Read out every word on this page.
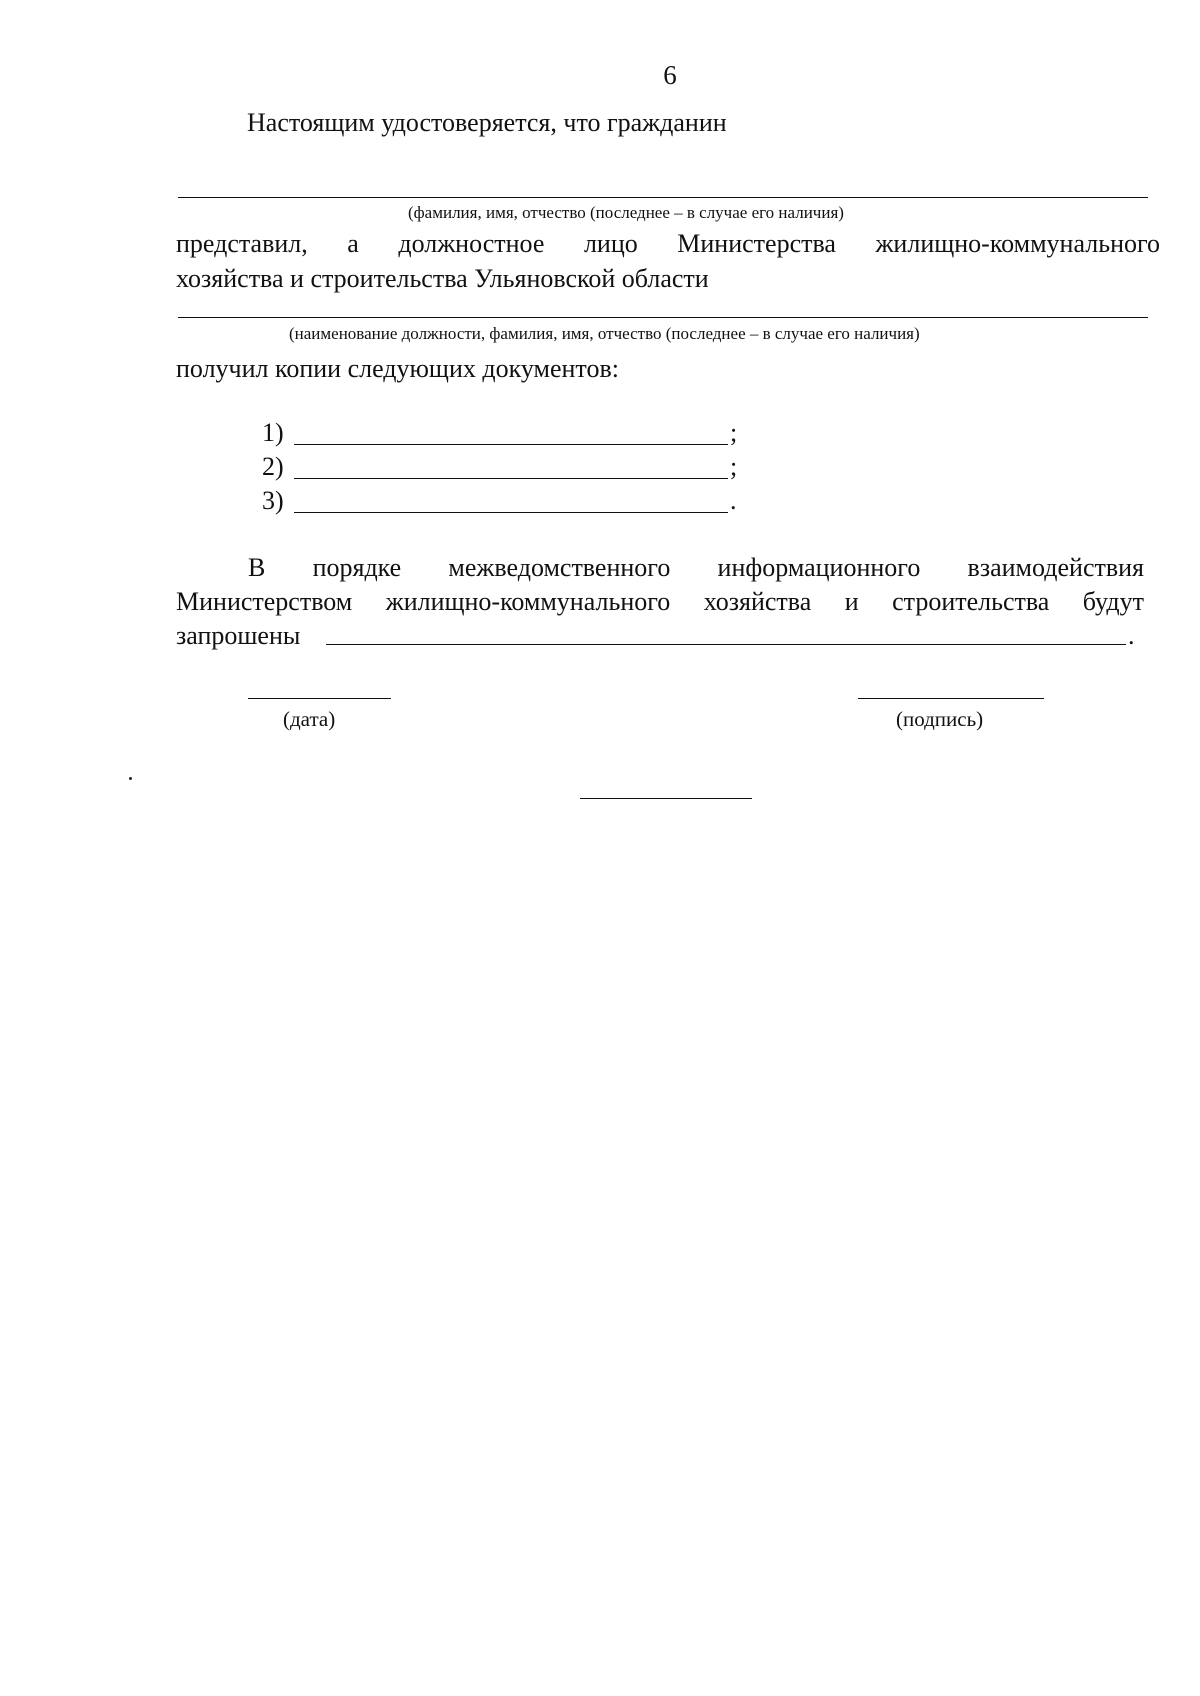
6
Настоящим удостоверяется, что гражданин
(фамилия, имя, отчество (последнее – в случае его наличия)
представил, а должностное лицо Министерства жилищно-коммунального
хозяйства и строительства Ульяновской области
(наименование должности, фамилия, имя, отчество (последнее – в случае его наличия)
получил копии следующих документов:
1)	;
2)	;
3)	.
В порядке межведомственного информационного взаимодействия
Министерством жилищно-коммунального хозяйства и строительства будут
запрошены	.
(дата)	(подпись)
